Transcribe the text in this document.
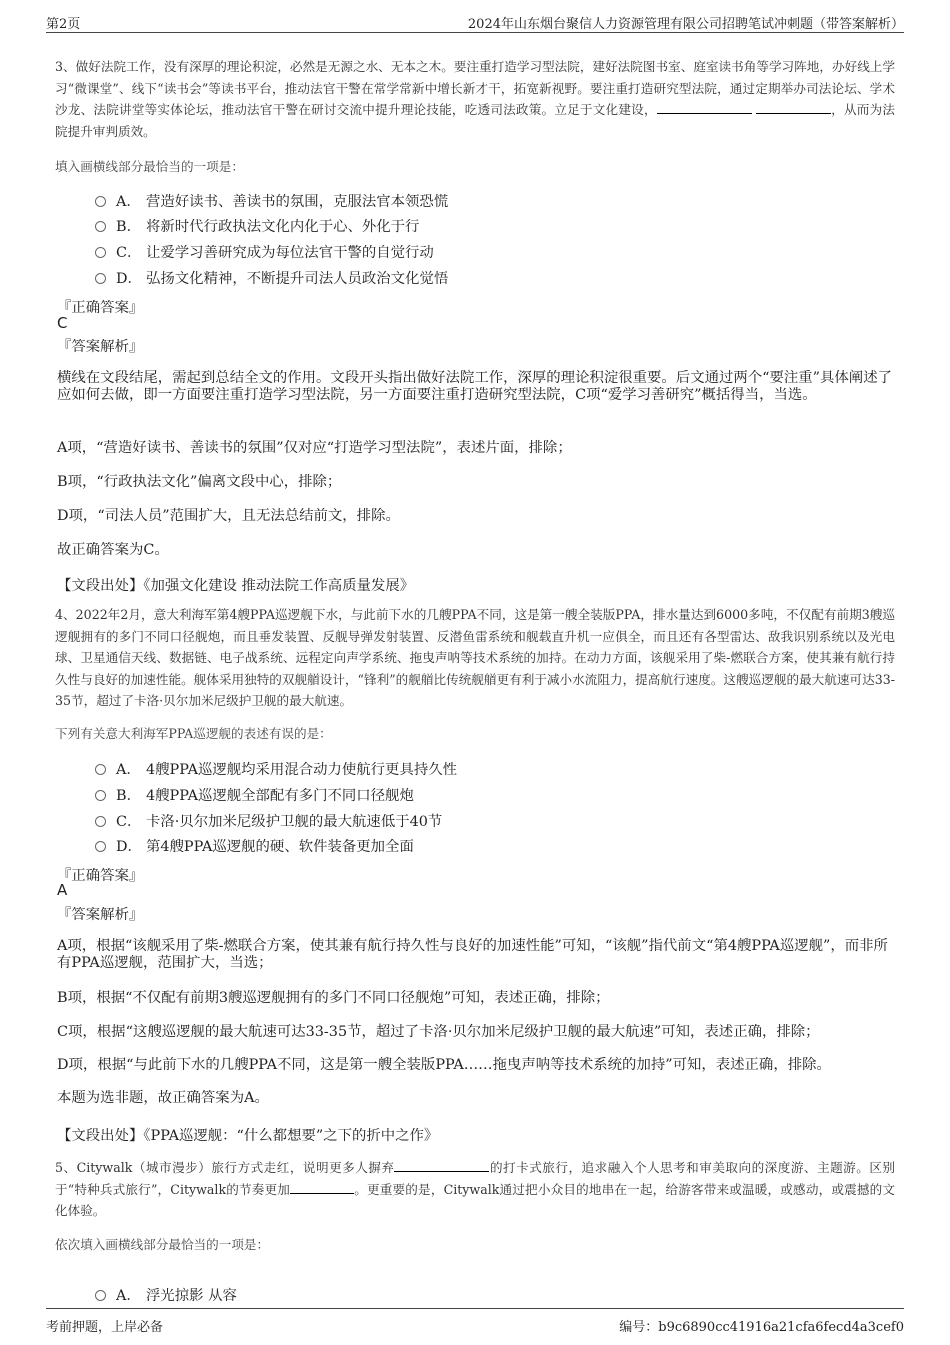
第2页	2024年山东烟台聚信人力资源管理有限公司招聘笔试冲刺题（带答案解析）
3、做好法院工作，没有深厚的理论积淀，必然是无源之水、无本之木。要注重打造学习型法院，建好法院图书室、庭室读书角等学习阵地，办好线上学习“微课堂”、线下“读书会”等读书平台，推动法官干警在常学常新中增长新才干，拓宽新视野。要注重打造研究型法院，通过定期举办司法论坛、学术沙龙、法院讲堂等实体论坛，推动法官干警在研讨交流中提升理论技能，吃透司法政策。立足于文化建设，	，从而为法院提升审判质效。
填入画横线部分最恰当的一项是：
A． 营造好读书、善读书的氛围，克服法官本领恐慌
B． 将新时代行政执法文化内化于心、外化于行
C． 让爱学习善研究成为每位法官干警的自觉行动
D． 弘扬文化精神，不断提升司法人员政治文化觉悟
『正确答案』
C
『答案解析』
横线在文段结尾，需起到总结全文的作用。文段开头指出做好法院工作，深厚的理论积淀很重要。后文通过两个“要注重”具体阐述了应如何去做，即一方面要注重打造学习型法院，另一方面要注重打造研究型法院，C项“爱学习善研究”概括得当，当选。
A项，“营造好读书、善读书的氛围”仅对应“打造学习型法院”，表述片面，排除；
B项，“行政执法文化”偏离文段中心，排除；
D项，“司法人员”范围扩大，且无法总结前文，排除。
故正确答案为C。
【文段出处】《加强文化建设 推动法院工作高质量发展》
4、2022年2月，意大利海军第4艘PPA巡逻舰下水，与此前下水的几艘PPA不同，这是第一艘全装版PPA，排水量达到6000多吨，不仅配有前期3艘巡逻舰拥有的多门不同口径舰炮，而且垂发装置、反舰导弹发射装置、反潜鱼雷系统和舰载直升机一应俱全，而且还有各型雷达、敌我识别系统以及光电球、卫星通信天线、数据链、电子战系统、远程定向声学系统、拖曳声呐等技术系统的加持。在动力方面，该舰采用了柴-燃联合方案，使其兼有航行持久性与良好的加速性能。舰体采用独特的双舰艏设计，“锋利”的舰艏比传统舰艏更有利于减小水流阻力，提高航行速度。这艘巡逻舰的最大航速可达33-35节，超过了卡洛·贝尔加米尼级护卫舰的最大航速。
下列有关意大利海军PPA巡逻舰的表述有误的是：
A． 4艘PPA巡逻舰均采用混合动力使航行更具持久性
B． 4艘PPA巡逻舰全部配有多门不同口径舰炮
C． 卡洛·贝尔加米尼级护卫舰的最大航速低于40节
D． 第4艘PPA巡逻舰的硬、软件装备更加全面
『正确答案』
A
『答案解析』
A项，根据“该舰采用了柴-燃联合方案，使其兼有航行持久性与良好的加速性能”可知，“该舰”指代前文“第4艘PPA巡逻舰”，而非所有PPA巡逻舰，范围扩大，当选；
B项，根据“不仅配有前期3艘巡逻舰拥有的多门不同口径舰炮”可知，表述正确，排除；
C项，根据“这艘巡逻舰的最大航速可达33-35节，超过了卡洛·贝尔加米尼级护卫舰的最大航速”可知，表述正确，排除；
D项，根据“与此前下水的几艘PPA不同，这是第一艘全装版PPA……拖曳声呐等技术系统的加持”可知，表述正确，排除。
本题为选非题，故正确答案为A。
【文段出处】《PPA巡逻舰：“什么都想要”之下的折中之作》
5、Citywalk（城市漫步）旅行方式走红，说明更多人摒弃	的打卡式旅行，追求融入个人思考和审美取向的深度游、主题游。区别于“特种兵式旅行”，Citywalk的节奏更加	。更重要的是，Citywalk通过把小众目的地串在一起，给游客带来或温暖，或感动，或震撼的文化体验。
依次填入画横线部分最恰当的一项是：
A． 浮光掠影 从容
考前押题，上岸必备	编号：b9c6890cc41916a21cfa6fecd4a3cef0
